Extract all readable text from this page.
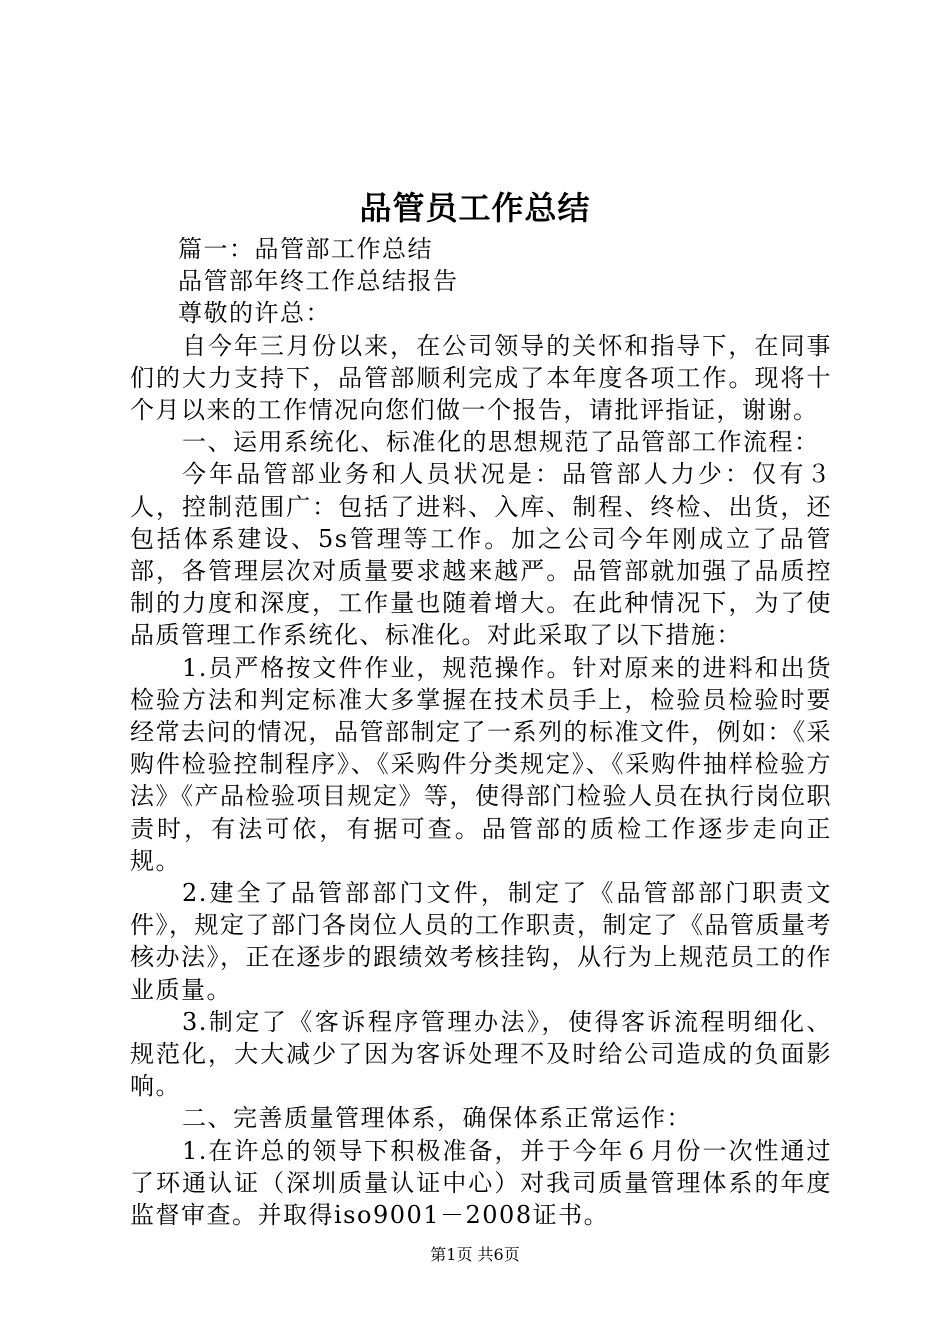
品管员工作总结

篇一：品管部工作总结

品管部年终工作总结报告

尊敬的许总：

自今年三月份以来，在公司领导的关怀和指导下，在同事们的大力支持下，品管部顺利完成了本年度各项工作。现将十个月以来的工作情况向您们做一个报告，请批评指证，谢谢。

一、运用系统化、标准化的思想规范了品管部工作流程：

今年品管部业务和人员状况是：品管部人力少：仅有３人，控制范围广：包括了进料、入库、制程、终检、出货，还包括体系建设、5s管理等工作。加之公司今年刚成立了品管部，各管理层次对质量要求越来越严。品管部就加强了品质控制的力度和深度，工作量也随着增大。在此种情况下，为了使品质管理工作系统化、标准化。对此采取了以下措施：

1.员严格按文件作业，规范操作。针对原来的进料和出货检验方法和判定标准大多掌握在技术员手上，检验员检验时要经常去问的情况，品管部制定了一系列的标准文件，例如：《采购件检验控制程序》、《采购件分类规定》、《采购件抽样检验方法》《产品检验项目规定》等，使得部门检验人员在执行岗位职责时，有法可依，有据可查。品管部的质检工作逐步走向正规。

2.建全了品管部部门文件，制定了《品管部部门职责文件》，规定了部门各岗位人员的工作职责，制定了《品管质量考核办法》，正在逐步的跟绩效考核挂钩，从行为上规范员工的作业质量。

3.制定了《客诉程序管理办法》，使得客诉流程明细化、规范化，大大减少了因为客诉处理不及时给公司造成的负面影响。

二、完善质量管理体系，确保体系正常运作：

1.在许总的领导下积极准备，并于今年６月份一次性通过了环通认证（深圳质量认证中心）对我司质量管理体系的年度监督审查。并取得iso9001－2008证书。

第1页 共6页
